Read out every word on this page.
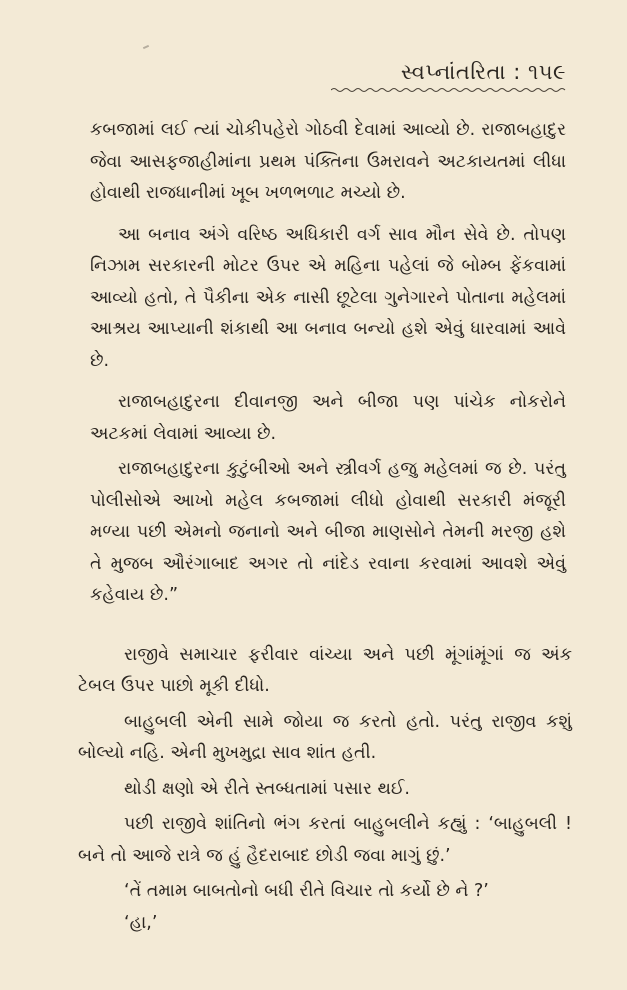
સ્વપ્નાંતરિતા : ૧૫૯

કબજામાં લઈ ત્યાં ચોકીપહેરો ગોઠવી દેવામાં આવ્યો છે. રાજાબહાદુર જેવા આસફજાહીમાંના પ્રથમ પંક્તિના ઉમરાવને અટકાયતમાં લીધા હોવાથી રાજધાનીમાં ખૂબ ખળભળાટ મચ્યો છે.

આ બનાવ અંગે વરિષ્ઠ અધિકારી વર્ગ સાવ મૌન સેવે છે. તોપણ નિઝામ સરકારની મોટર ઉપર એ મહિના પહેલાં જે બોમ્બ ફેંકવામાં આવ્યો હતો, તે પૈકીના એક નાસી છૂટેલા ગુનેગારને પોતાના મહેલમાં આશ્રય આપ્યાની શંકાથી આ બનાવ બન્યો હશે એવું ધારવામાં આવે છે.

રાજાબહાદુરના દીવાનજી અને બીજા પણ પાંચેક નોકરોને અટકમાં લેવામાં આવ્યા છે.

રાજાબહાદુરના કુટુંબીઓ અને સ્ત્રીવર્ગ હજુ મહેલમાં જ છે. પરંતુ પોલીસોએ આખો મહેલ કબજામાં લીધો હોવાથી સરકારી મંજૂરી મળ્યા પછી એમનો જનાનો અને બીજા માણસોને તેમની મરજી હશે તે મુજબ ઔરંગાબાદ અગર તો નાંદેડ રવાના કરવામાં આવશે એવું કહેવાય છે.”

રાજીવે સમાચાર ફરીવાર વાંચ્યા અને પછી મૂંગાંમૂંગાં જ અંક ટેબલ ઉપર પાછો મૂકી દીધો.

બાહુબલી એની સામે જોયા જ કરતો હતો. પરંતુ રાજીવ કશું બોલ્યો નહિ. એની મુખમુદ્રા સાવ શાંત હતી.

થોડી ક્ષણો એ રીતે સ્તબ્ધતામાં પસાર થઈ.

પછી રાજીવે શાંતિનો ભંગ કરતાં બાહુબલીને કહ્યું : ‘બાહુબલી ! બને તો આજે રાત્રે જ હું હૈદરાબાદ છોડી જવા માગું છું.’

‘તેં તમામ બાબતોનો બધી રીતે વિચાર તો કર્યો છે ને ?’
‘હા,’
